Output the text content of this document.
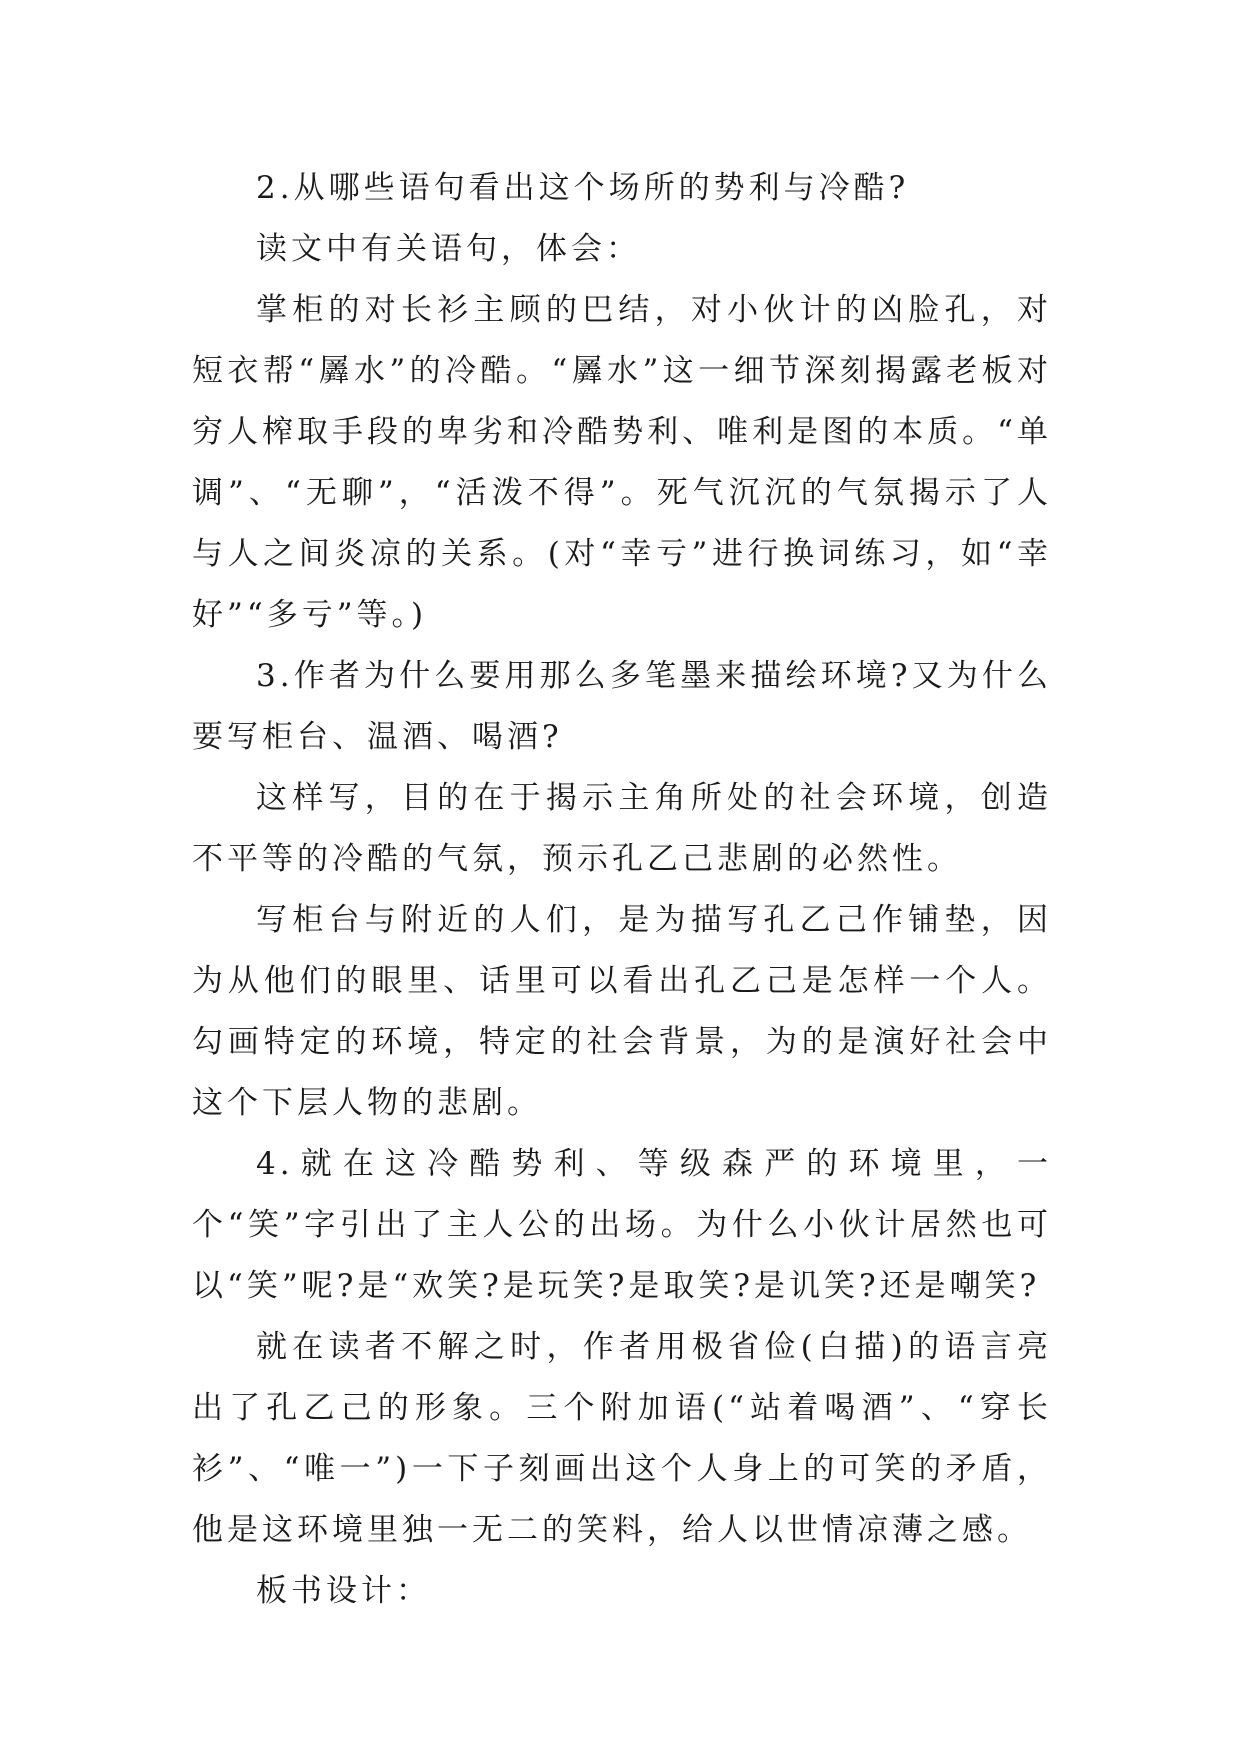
2.从哪些语句看出这个场所的势利与冷酷?

读文中有关语句，体会：

掌柜的对长衫主顾的巴结，对小伙计的凶脸孔，对短衣帮“羼水”的冷酷。“羼水”这一细节深刻揭露老板对穷人榨取手段的卑劣和冷酷势利、唯利是图的本质。“单调”、“无聊”，“活泼不得”。死气沉沉的气氛揭示了人与人之间炎凉的关系。(对“幸亏”进行换词练习，如“幸好”“多亏”等。)

3.作者为什么要用那么多笔墨来描绘环境?又为什么要写柜台、温酒、喝酒?

这样写，目的在于揭示主角所处的社会环境，创造不平等的冷酷的气氛，预示孔乙己悲剧的必然性。

写柜台与附近的人们，是为描写孔乙己作铺垫，因为从他们的眼里、话里可以看出孔乙己是怎样一个人。勾画特定的环境，特定的社会背景，为的是演好社会中这个下层人物的悲剧。

4.就在这冷酷势利、等级森严的环境里，一个“笑”字引出了主人公的出场。为什么小伙计居然也可以“笑”呢?是“欢笑?是玩笑?是取笑?是讥笑?还是嘲笑?

就在读者不解之时，作者用极省俭(白描)的语言亮出了孔乙己的形象。三个附加语(“站着喝酒”、“穿长衫”、“唯一”)一下子刻画出这个人身上的可笑的矛盾，他是这环境里独一无二的笑料，给人以世情凉薄之感。

板书设计：
